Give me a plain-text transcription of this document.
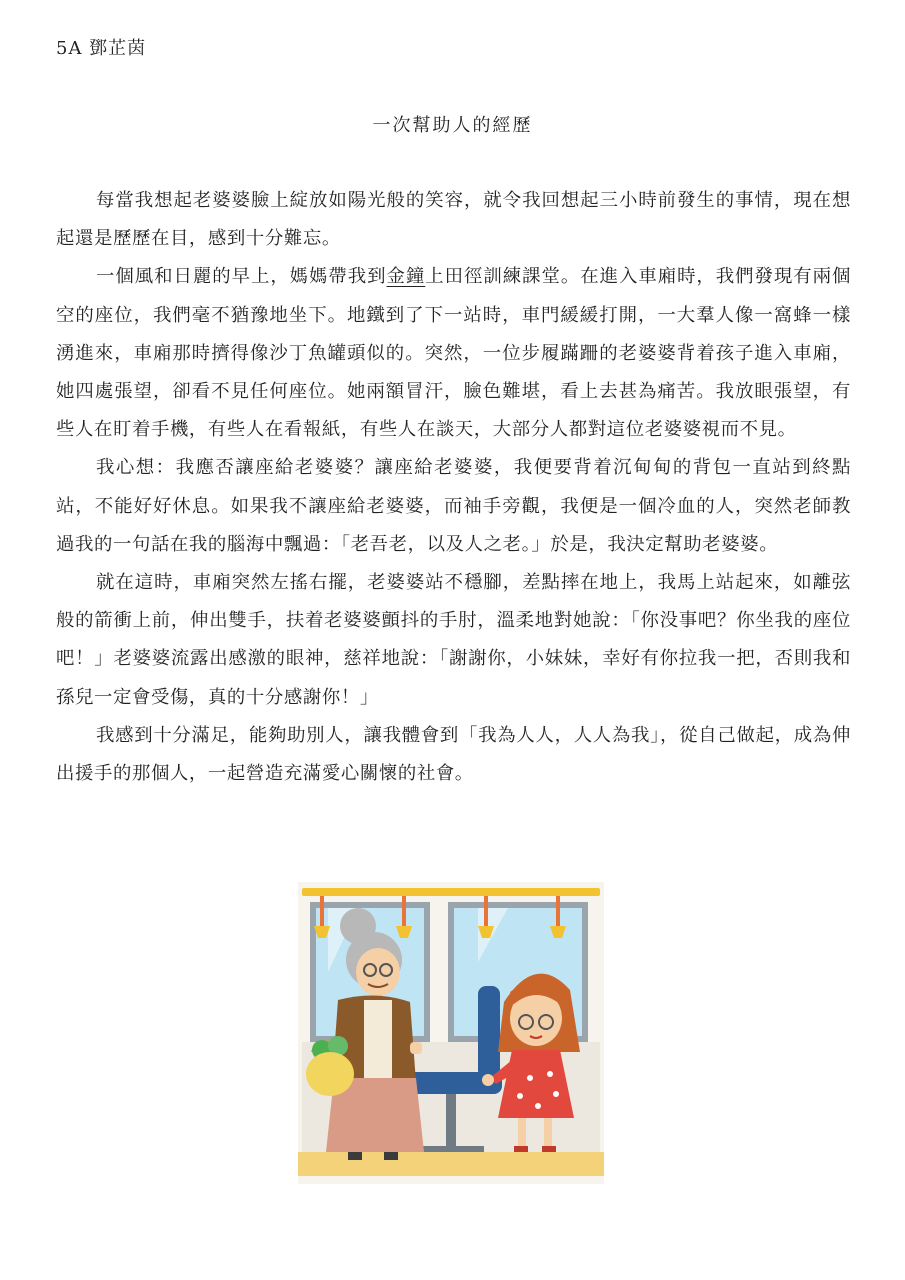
5A 鄧芷茵
一次幫助人的經歷

每當我想起老婆婆臉上綻放如陽光般的笑容，就令我回想起三小時前發生的事情，現在想起還是歷歷在目，感到十分難忘。

一個風和日麗的早上，媽媽帶我到金鐘上田徑訓練課堂。在進入車廂時，我們發現有兩個空的座位，我們毫不猶豫地坐下。地鐵到了下一站時，車門緩緩打開，一大羣人像一窩蜂一樣湧進來，車廂那時擠得像沙丁魚罐頭似的。突然，一位步履蹣跚的老婆婆背着孩子進入車廂，她四處張望，卻看不見任何座位。她兩額冒汗，臉色難堪，看上去甚為痛苦。我放眼張望，有些人在盯着手機，有些人在看報紙，有些人在談天，大部分人都對這位老婆婆視而不見。

我心想：我應否讓座給老婆婆？讓座給老婆婆，我便要背着沉甸甸的背包一直站到終點站，不能好好休息。如果我不讓座給老婆婆，而袖手旁觀，我便是一個冷血的人，突然老師教過我的一句話在我的腦海中飄過：「老吾老，以及人之老。」於是，我決定幫助老婆婆。

就在這時，車廂突然左搖右擺，老婆婆站不穩腳，差點摔在地上，我馬上站起來，如離弦般的箭衝上前，伸出雙手，扶着老婆婆顫抖的手肘，溫柔地對她說：「你没事吧？你坐我的座位吧！」老婆婆流露出感激的眼神，慈祥地說：「謝謝你，小妹妹，幸好有你拉我一把，否則我和孫兒一定會受傷，真的十分感謝你！」

我感到十分滿足，能夠助別人，讓我體會到「我為人人，人人為我」，從自己做起，成為伸出援手的那個人，一起營造充滿愛心關懷的社會。
